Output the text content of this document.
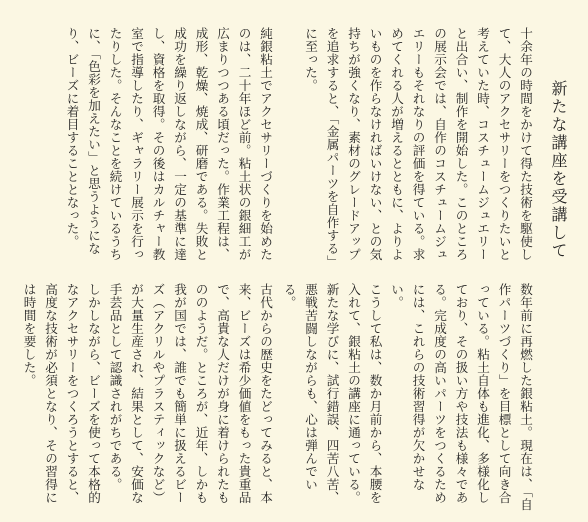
新たな講座を受講して

十余年の時間をかけて得た技術を駆使して、大人のアクセサリーをつくりたいと考えていた時、コスチュームジュエリーと出合い、制作を開始した。このところの展示会では、自作のコスチュームジュエリーもそれなりの評価を得ている。求めてくれる人が増えるとともに、よりよいものを作らなければいけない、との気持ちが強くなり、素材のグレードアップを追求すると、「金属パーツを自作する」に至った。

純銀粘土でアクセサリーづくりを始めたのは、二十年ほど前。粘土状の銀細工が広まりつつある頃だった。作業工程は、成形、乾燥、焼成、研磨である。失敗と成功を繰り返しながら、一定の基準に達し、資格を取得。その後はカルチャー教室で指導したり、ギャラリー展示を行ったりした。そんなことを続けているうちに、「色彩を加えたい」と思うようになり、ビーズに着目することとなった。

数年前に再燃した銀粘土。現在は、「自作パーツづくり」を目標として向き合っている。粘土自体も進化、多様化しており、その扱い方や技法も様々である。完成度の高いパーツをつくるためには、これらの技術習得が欠かせない。

こうして私は、数か月前から、本腰を入れて、銀粘土の講座に通っている。新たな学びに、試行錯誤、四苦八苦、悪戦苦闘しながらも、心は弾んでいる。

古代からの歴史をたどってみると、本来、ビーズは希少価値をもった貴重品で、高貴な人だけが身に着けられたもののようだ。ところが、近年、しかも我が国では、誰でも簡単に扱えるビーズ（アクリルやプラスティックなど）が大量生産され、結果として、安価な手芸品として認識されがちである。

しかしながら、ビーズを使って本格的なアクセサリーをつくろうとすると、高度な技術が必須となり、その習得には時間を要した。
